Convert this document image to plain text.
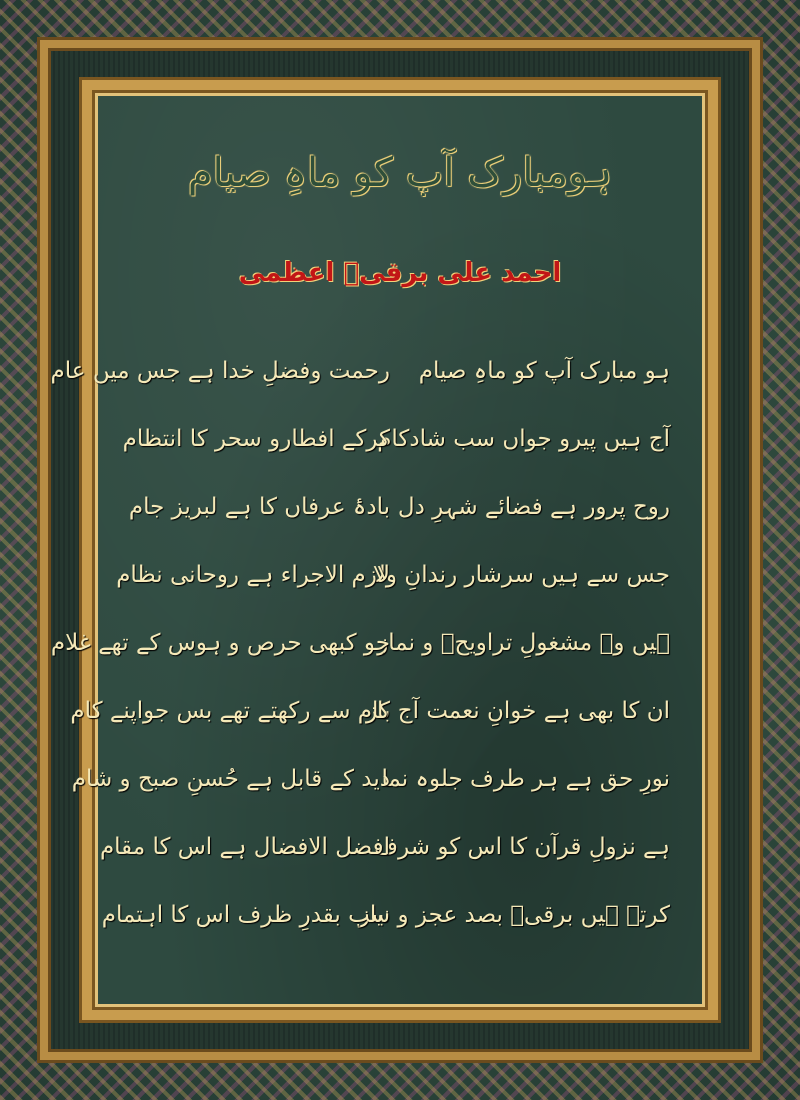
ہومبارک آپ کو ماہِ صیام
احمد علی برقیؔ اعظمی
ہو مبارک آپ کو ماہِ صیام
رحمت وفضلِ خدا ہے جس میں عام
آج ہیں پیرو جواں سب شادکام
کرکے افطارو سحر کا انتظام
روح پرور ہے فضائے شہرِ دل
بادۂ عرفاں کا ہے لبریز جام
جس سے ہیں سرشار رندانِ ولا
لازم الاجراء ہے روحانی نظام
ہیں وہ مشغولِ تراویحؔ و نماز
جو کبھی حرص و ہوس کے تھے غلام
ان کا بھی ہے خوانِ نعمت آج باز
کام سے رکھتے تھے بس جواپنے کام
نورِ حق ہے ہر طرف جلوہ نما
دید کے قابل ہے حُسنِ صبح و شام
ہے نزولِ قرآن کا اس کو شرف
افضل الافضال ہے اس کا مقام
کرتے ہیں برقیؔ بصد عجز و نیاز
سب بقدرِ ظرف اس کا اہتمام
